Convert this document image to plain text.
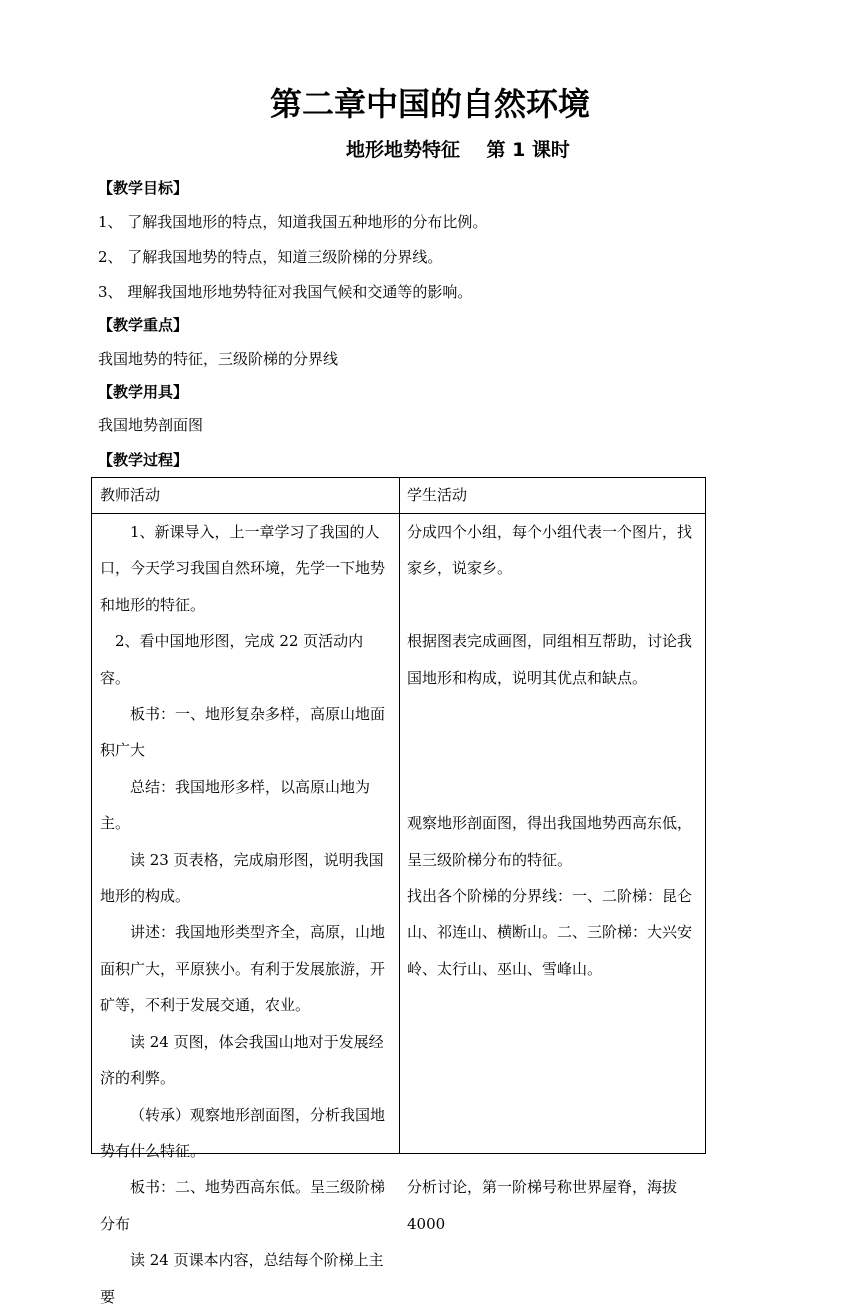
第二章中国的自然环境
地形地势特征    第 1 课时
【教学目标】
1、 了解我国地形的特点，知道我国五种地形的分布比例。
2、 了解我国地势的特点，知道三级阶梯的分界线。
3、 理解我国地形地势特征对我国气候和交通等的影响。
【教学重点】
我国地势的特征，三级阶梯的分界线
【教学用具】
我国地势剖面图
【教学过程】
教师活动	学生活动

1、新课导入，上一章学习了我国的人口，今天学习我国自然环境，先学一下地势和地形的特征。

2、看中国地形图，完成 22 页活动内容。

板书：一、地形复杂多样，高原山地面积广大

总结：我国地形多样，以高原山地为主。

读 23 页表格，完成扇形图，说明我国地形的构成。

讲述：我国地形类型齐全，高原，山地面积广大，平原狭小。有利于发展旅游，开矿等，不利于发展交通，农业。

读 24 页图，体会我国山地对于发展经济的利弊。

（转承）观察地形剖面图，分析我国地势有什么特征。

板书：二、地势西高东低。呈三级阶梯分布

读 24 页课本内容，总结每个阶梯上主要

分成四个小组，每个小组代表一个图片，找家乡，说家乡。

根据图表完成画图，同组相互帮助，讨论我国地形和构成，说明其优点和缺点。

观察地形剖面图，得出我国地势西高东低，呈三级阶梯分布的特征。

找出各个阶梯的分界线：一、二阶梯：昆仑山、祁连山、横断山。二、三阶梯：大兴安岭、太行山、巫山、雪峰山。

分析讨论，第一阶梯号称世界屋脊，海拔 4000
